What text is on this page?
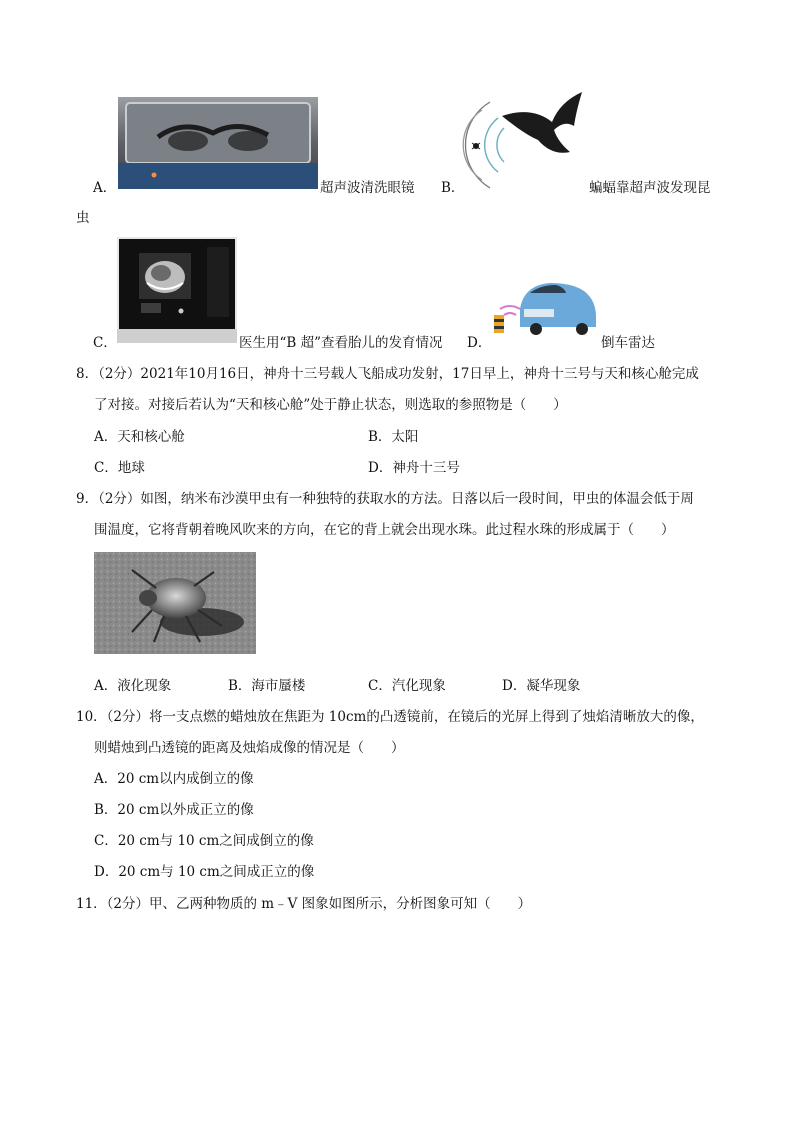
A．	超声波清洗眼镜 B．	蝙蝠靠超声波发现昆
虫
C．	医生用“B 超”查看胎儿的发育情况 D．	倒车雷达
8．（2分）2021年10月16日，神舟十三号载人飞船成功发射，17日早上，神舟十三号与天和核心舱完成
了对接。对接后若认为“天和核心舱”处于静止状态，则选取的参照物是（　　）
A．天和核心舱	B．太阳
C．地球	D．神舟十三号
9．（2分）如图，纳米布沙漠甲虫有一种独特的获取水的方法。日落以后一段时间，甲虫的体温会低于周
围温度，它将背朝着晚风吹来的方向，在它的背上就会出现水珠。此过程水珠的形成属于（　　）
A．液化现象	B．海市蜃楼	C．汽化现象	D．凝华现象
10．（2分）将一支点燃的蜡烛放在焦距为 10cm的凸透镜前，在镜后的光屏上得到了烛焰清晰放大的像，
则蜡烛到凸透镜的距离及烛焰成像的情况是（　　）
A．20 cm以内成倒立的像
B．20 cm以外成正立的像
C．20 cm与 10 cm之间成倒立的像
D．20 cm与 10 cm之间成正立的像
11．（2分）甲、乙两种物质的 m﹣V 图象如图所示，分析图象可知（　　）
